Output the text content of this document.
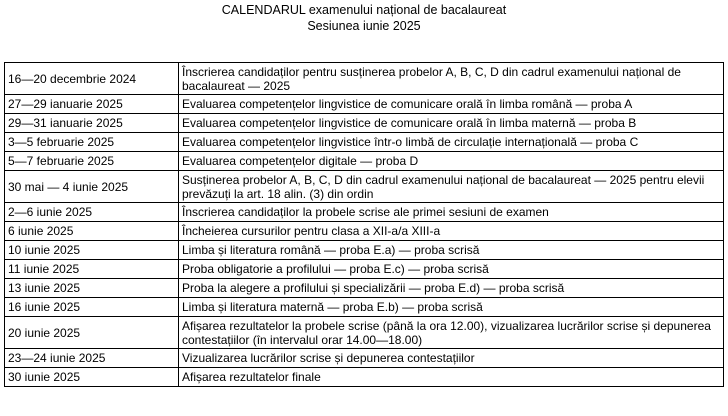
CALENDARUL examenului național de bacalaureat
Sesiunea iunie 2025
16—20 decembrie 2024	Înscrierea candidaților pentru susținerea probelor A, B, C, D din cadrul examenului național de bacalaureat — 2025
27—29 ianuarie 2025	Evaluarea competențelor lingvistice de comunicare orală în limba română — proba A
29—31 ianuarie 2025	Evaluarea competențelor lingvistice de comunicare orală în limba maternă — proba B
3—5 februarie 2025	Evaluarea competențelor lingvistice într-o limbă de circulație internațională — proba C
5—7 februarie 2025	Evaluarea competențelor digitale — proba D
30 mai — 4 iunie 2025	Susținerea probelor A, B, C, D din cadrul examenului național de bacalaureat — 2025 pentru elevii prevăzuți la art. 18 alin. (3) din ordin
2—6 iunie 2025	Înscrierea candidaților la probele scrise ale primei sesiuni de examen
6 iunie 2025	Încheierea cursurilor pentru clasa a XII-a/a XIII-a
10 iunie 2025	Limba și literatura română — proba E.a) — proba scrisă
11 iunie 2025	Proba obligatorie a profilului — proba E.c) — proba scrisă
13 iunie 2025	Proba la alegere a profilului și specializării — proba E.d) — proba scrisă
16 iunie 2025	Limba și literatura maternă — proba E.b) — proba scrisă
20 iunie 2025	Afișarea rezultatelor la probele scrise (până la ora 12.00), vizualizarea lucrărilor scrise și depunerea contestațiilor (în intervalul orar 14.00—18.00)
23—24 iunie 2025	Vizualizarea lucrărilor scrise și depunerea contestațiilor
30 iunie 2025	Afișarea rezultatelor finale
